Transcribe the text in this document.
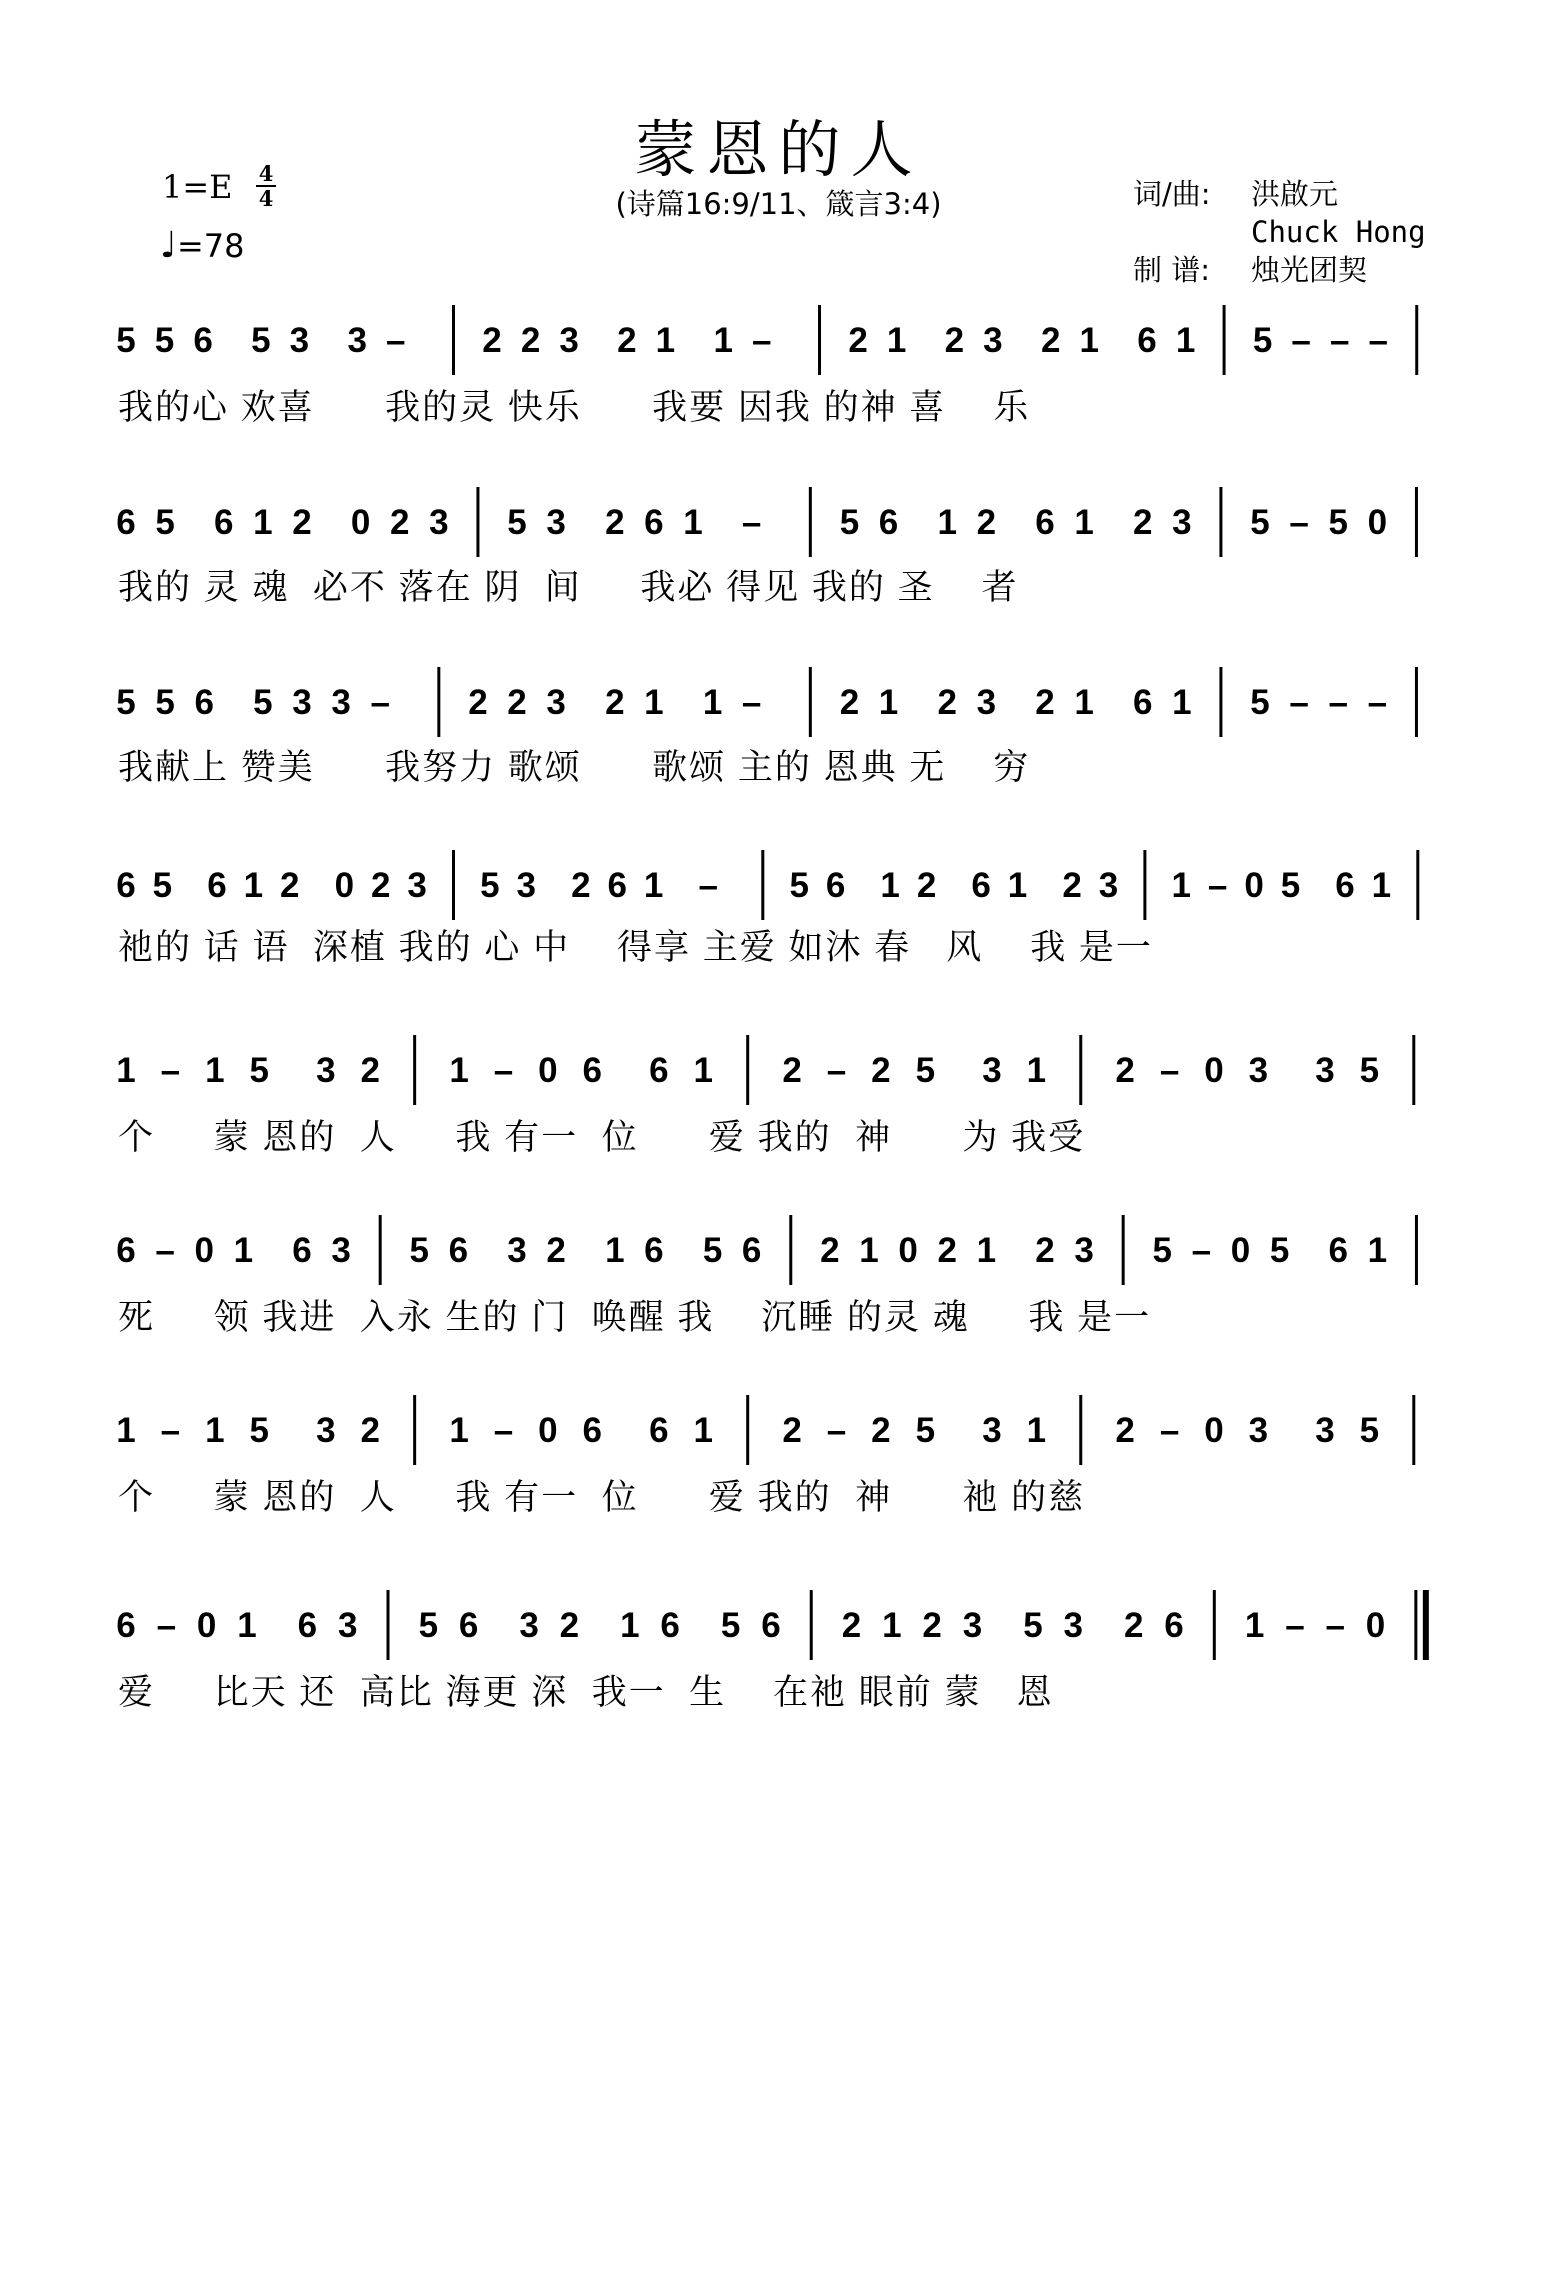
蒙恩的人
(诗篇16:9/11、箴言3:4)
1=E	4
4
♩=78
词/曲: 洪啟元
Chuck Hong
制 谱: 烛光团契
5 5 6 5 3 3 – 2 2 3 2 1 1 – 2 1 2 3 2 1 6 1 5 – – –
我的心 欢喜      我的灵 快乐      我要 因我 的神 喜    乐
6 5 6 1 2 0 2 3 5 3 2 6 1 – 5 6 1 2 6 1 2 3 5 – 5 0
我的 灵 魂  必不 落在 阴  间     我必 得见 我的 圣    者
5 5 6 5 3 3 – 2 2 3 2 1 1 – 2 1 2 3 2 1 6 1 5 – – –
我献上 赞美      我努力 歌颂      歌颂 主的 恩典 无    穷
6 5 6 1 2 0 2 3 5 3 2 6 1 – 5 6 1 2 6 1 2 3 1 – 0 5 6 1
祂的 话 语  深植 我的 心 中    得享 主爱 如沐 春   风    我 是一
1 – 1 5 3 2 1 – 0 6 6 1 2 – 2 5 3 1 2 – 0 3 3 5
个     蒙 恩的  人     我 有一  位      爱 我的  神      为 我受
6 – 0 1 6 3 5 6 3 2 1 6 5 6 2 1 0 2 1 2 3 5 – 0 5 6 1
死     领 我进  入永 生的 门  唤醒 我    沉睡 的灵 魂     我 是一
1 – 1 5 3 2 1 – 0 6 6 1 2 – 2 5 3 1 2 – 0 3 3 5
个     蒙 恩的  人     我 有一  位      爱 我的  神      祂 的慈
6 – 0 1 6 3 5 6 3 2 1 6 5 6 2 1 2 3 5 3 2 6 1 – – 0
爱     比天 还  高比 海更 深  我一  生    在祂 眼前 蒙   恩
